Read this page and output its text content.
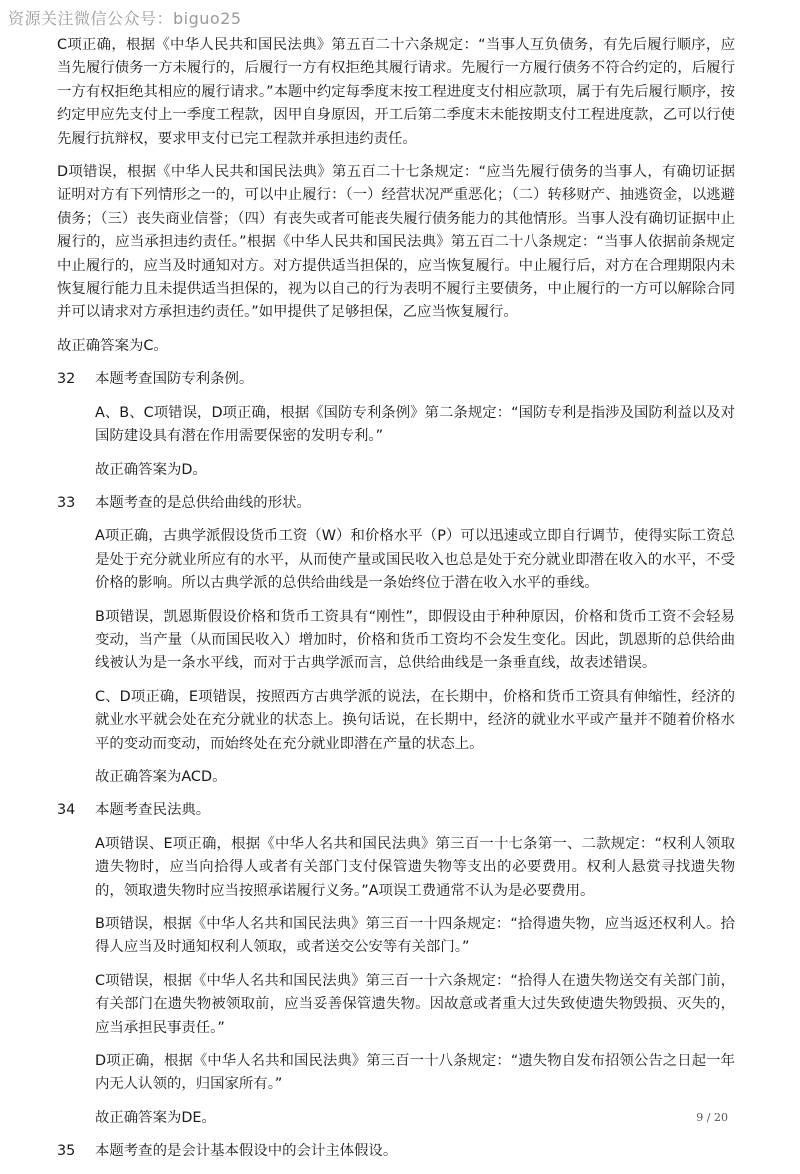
资源关注微信公众号：biguo25

C项正确，根据《中华人民共和国民法典》第五百二十六条规定：“当事人互负债务，有先后履行顺序，应当先履行债务一方未履行的，后履行一方有权拒绝其履行请求。先履行一方履行债务不符合约定的，后履行一方有权拒绝其相应的履行请求。”本题中约定每季度末按工程进度支付相应款项，属于有先后履行顺序，按约定甲应先支付上一季度工程款，因甲自身原因，开工后第二季度末未能按期支付工程进度款，乙可以行使先履行抗辩权，要求甲支付已完工程款并承担违约责任。

D项错误，根据《中华人民共和国民法典》第五百二十七条规定：“应当先履行债务的当事人，有确切证据证明对方有下列情形之一的，可以中止履行：（一）经营状况严重恶化；（二）转移财产、抽逃资金，以逃避债务；（三）丧失商业信誉；（四）有丧失或者可能丧失履行债务能力的其他情形。当事人没有确切证据中止履行的，应当承担违约责任。”根据《中华人民共和国民法典》第五百二十八条规定：“当事人依据前条规定中止履行的，应当及时通知对方。对方提供适当担保的，应当恢复履行。中止履行后，对方在合理期限内未恢复履行能力且未提供适当担保的，视为以自己的行为表明不履行主要债务，中止履行的一方可以解除合同并可以请求对方承担违约责任。”如甲提供了足够担保，乙应当恢复履行。

故正确答案为C。

32	本题考查国防专利条例。

A、B、C项错误，D项正确，根据《国防专利条例》第二条规定：“国防专利是指涉及国防利益以及对国防建设具有潜在作用需要保密的发明专利。”

故正确答案为D。

33	本题考查的是总供给曲线的形状。

A项正确，古典学派假设货币工资（W）和价格水平（P）可以迅速或立即自行调节，使得实际工资总是处于充分就业所应有的水平，从而使产量或国民收入也总是处于充分就业即潜在收入的水平，不受价格的影响。所以古典学派的总供给曲线是一条始终位于潜在收入水平的垂线。

B项错误，凯恩斯假设价格和货币工资具有“刚性”，即假设由于种种原因，价格和货币工资不会轻易变动，当产量（从而国民收入）增加时，价格和货币工资均不会发生变化。因此，凯恩斯的总供给曲线被认为是一条水平线，而对于古典学派而言，总供给曲线是一条垂直线，故表述错误。

C、D项正确，E项错误，按照西方古典学派的说法，在长期中，价格和货币工资具有伸缩性，经济的就业水平就会处在充分就业的状态上。换句话说，在长期中，经济的就业水平或产量并不随着价格水平的变动而变动，而始终处在充分就业即潜在产量的状态上。

故正确答案为ACD。

34	本题考查民法典。

A项错误、E项正确，根据《中华人名共和国民法典》第三百一十七条第一、二款规定：“权利人领取遗失物时，应当向拾得人或者有关部门支付保管遗失物等支出的必要费用。权利人悬赏寻找遗失物的，领取遗失物时应当按照承诺履行义务。”A项误工费通常不认为是必要费用。

B项错误，根据《中华人名共和国民法典》第三百一十四条规定：“拾得遗失物，应当返还权利人。拾得人应当及时通知权利人领取，或者送交公安等有关部门。”

C项错误，根据《中华人名共和国民法典》第三百一十六条规定：“拾得人在遗失物送交有关部门前，有关部门在遗失物被领取前，应当妥善保管遗失物。因故意或者重大过失致使遗失物毁损、灭失的，应当承担民事责任。”

D项正确，根据《中华人名共和国民法典》第三百一十八条规定：“遗失物自发布招领公告之日起一年内无人认领的，归国家所有。”

故正确答案为DE。

35	本题考查的是会计基本假设中的会计主体假设。
9 / 20
